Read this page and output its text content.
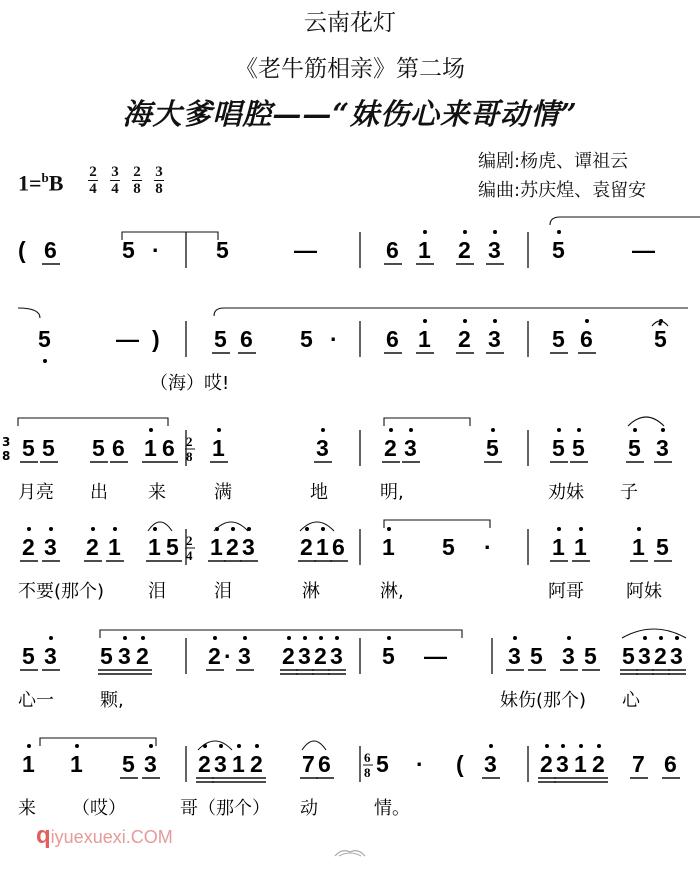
云南花灯
《老牛筋相亲》第二场
海大爹唱腔——“妹伤心来哥动情”
$1=^bB \frac{2}{4} \frac{3}{4} \frac{2}{8} \frac{3}{8}$
编剧:杨虎、谭祖云
编曲:苏庆煌、袁留安
( 6	5 · 5	—	6 1 2 3 5	—
5	— ) 5 6 5 · 6 1 2 3 5 6	5
（海）哎!
5 5 5 6 1 6 1	3 2 3	5 5 5 5 3
月亮 出 来	满	地	明,	劝妹 子
2 3 2 1 1 5 1 2 3 2 1 6 1 5 ·	1 1 1 5
不要(那个) 泪	泪	淋	淋,	阿哥 阿妹
5 3 5 3 2	2 · 3 2 3 2 3 5 —	3 5 3 5 5 3 2 3
心一	颗,	妹伤(那个) 心
1 1 5 3 2 3 1 2 7 6 5 · ( 3 2 3 1 2 7 6
来 （哎）	哥（那个） 动	情。
2
8
2
4
6
8
3
8
qiyuexuexi.COM
